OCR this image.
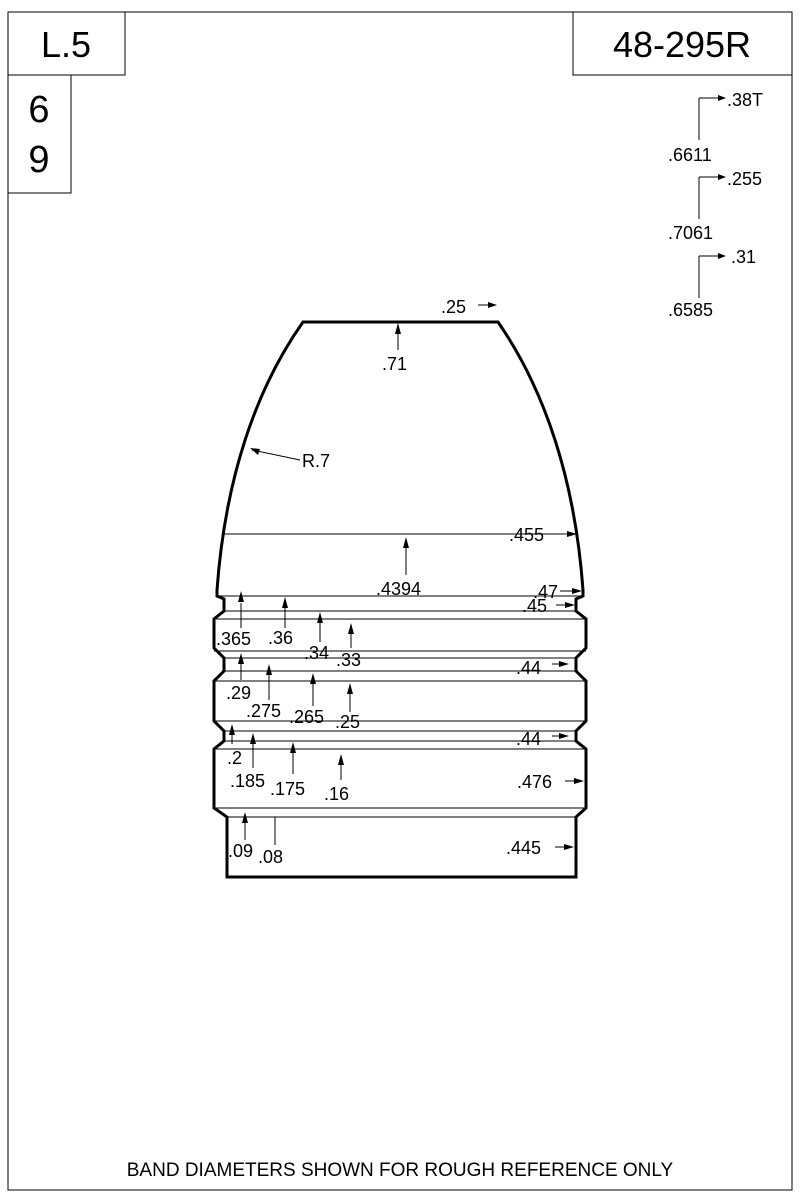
L.5
6
9
48-295R
.38T
.6611
.255
.7061
.31
.6585
.25
.71
R.7
.455
.4394	.47
.45
.365 .36
.34 .33	.44
.29
.275 .265 .25
.44
.2
.185 .175 .16
.476
.09 .08	.445
BAND DIAMETERS SHOWN FOR ROUGH REFERENCE ONLY
